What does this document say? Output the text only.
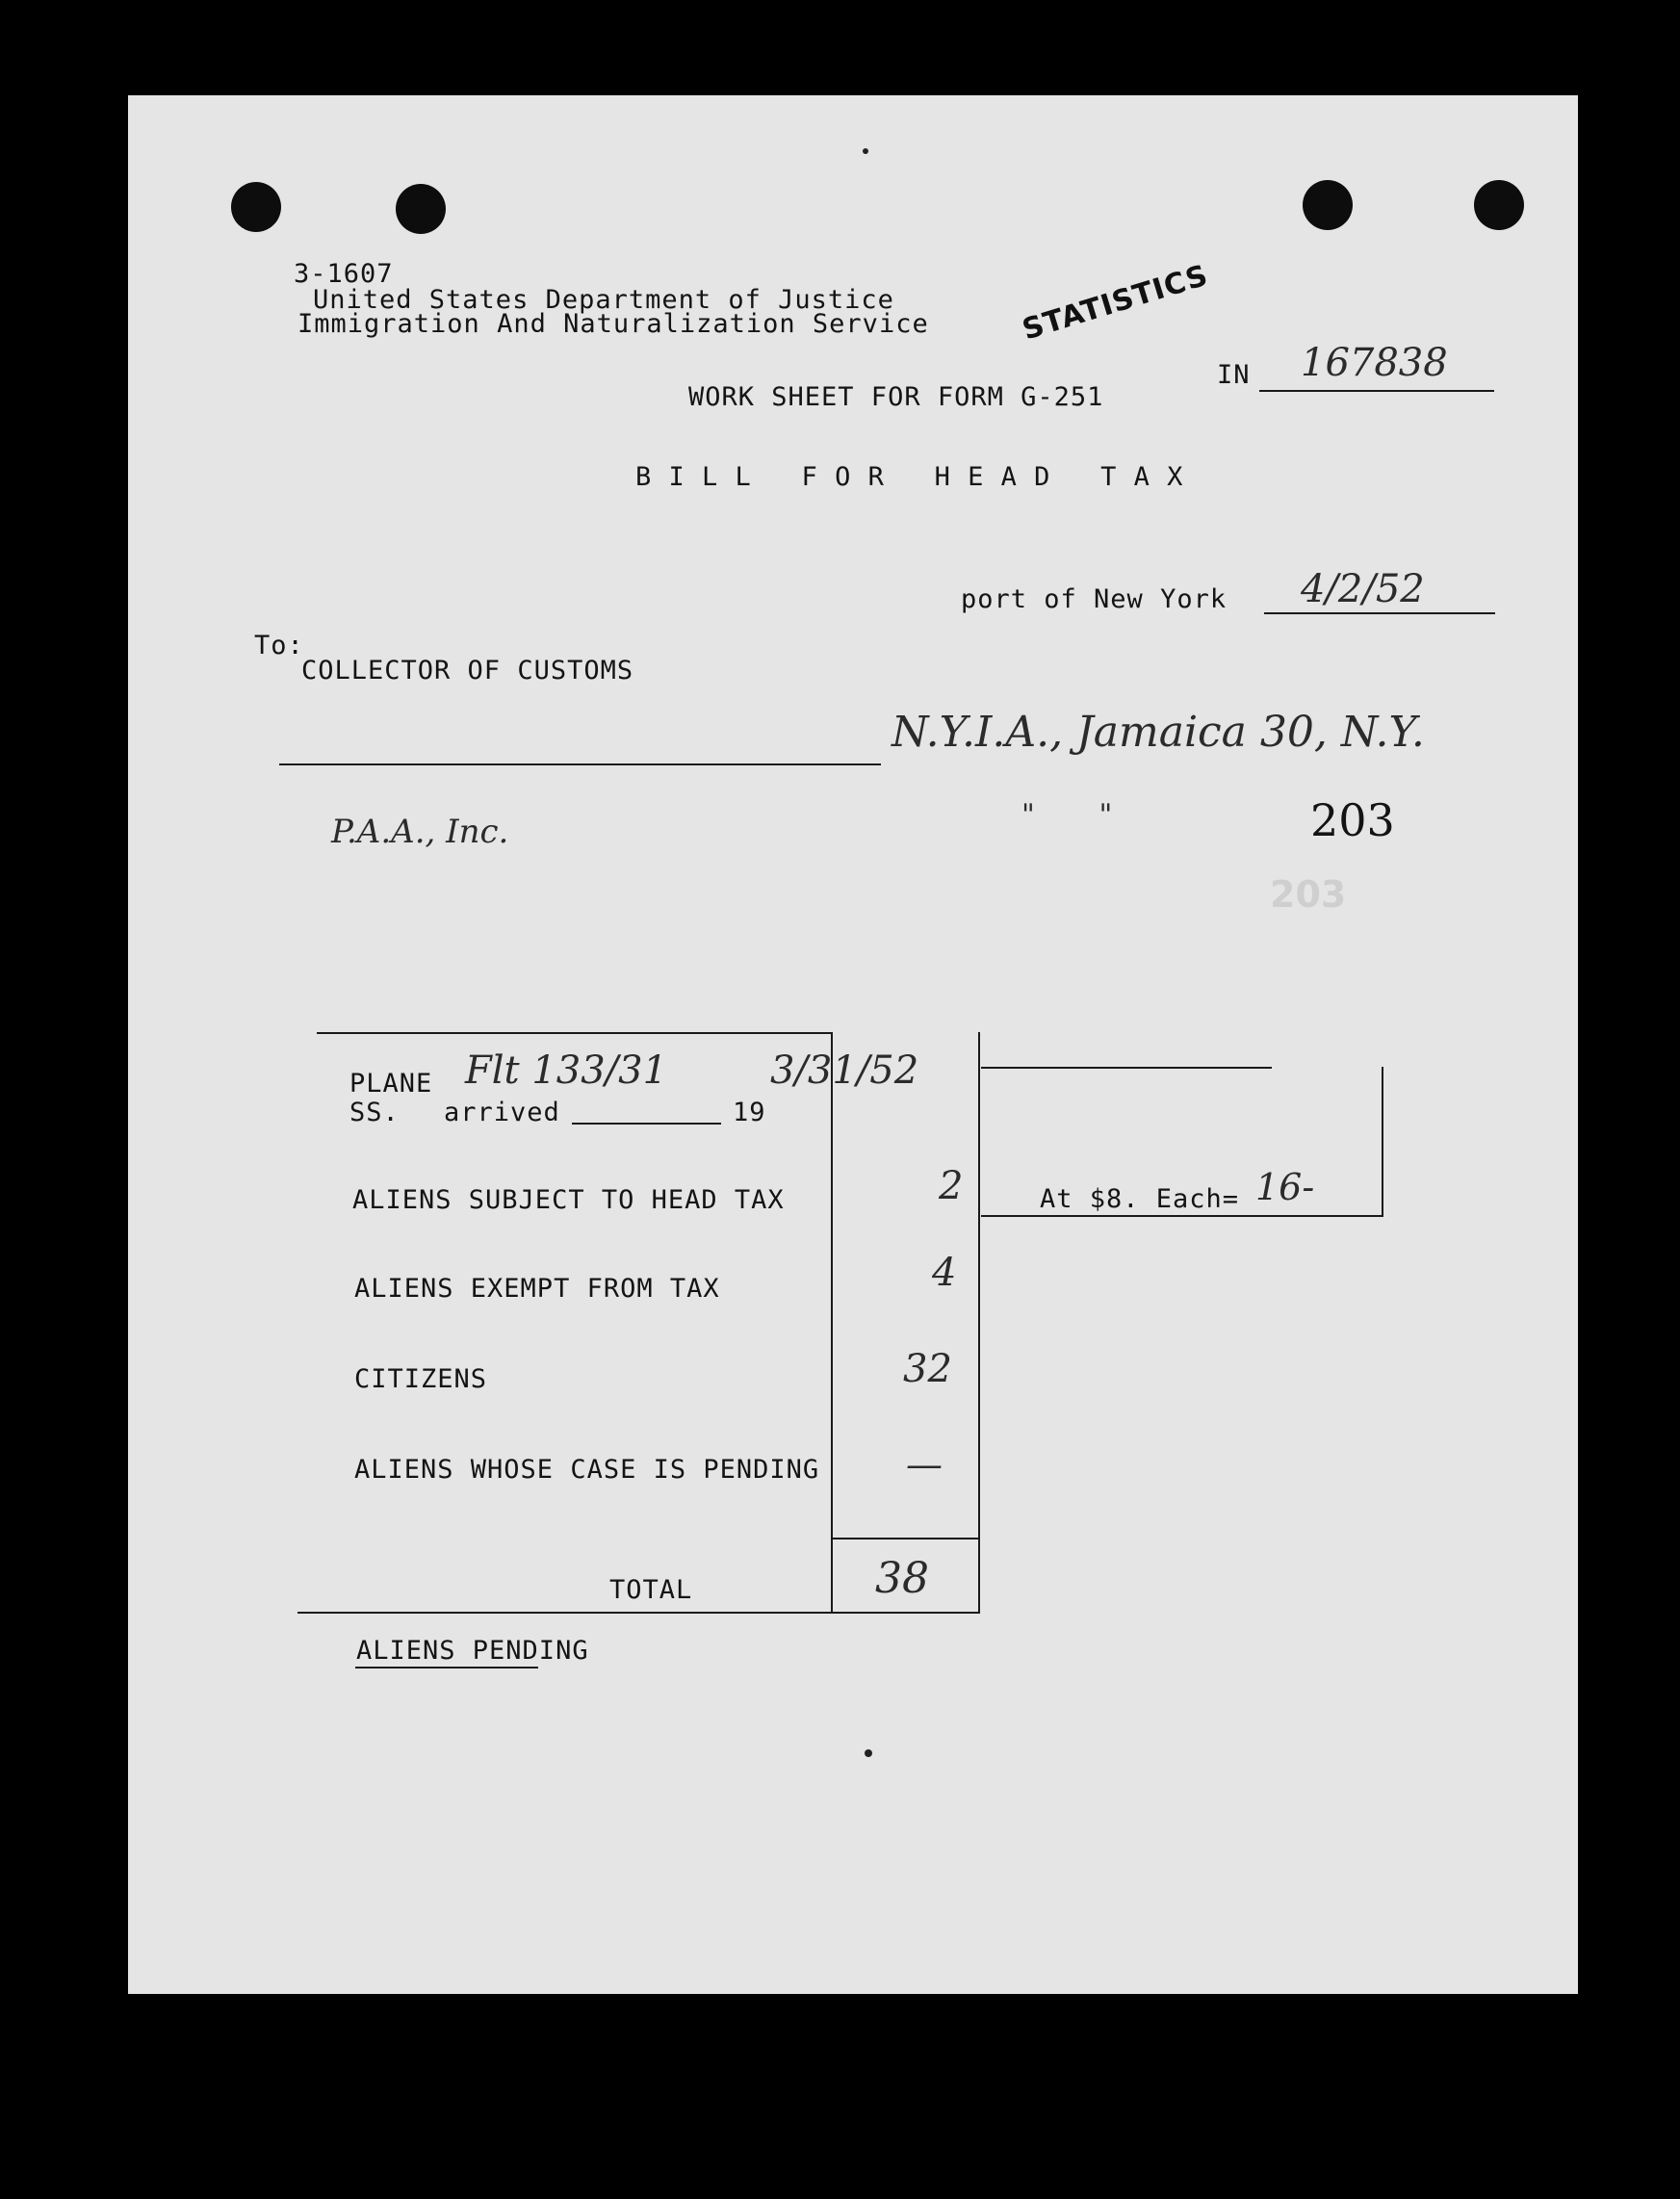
3-1607
United States Department of Justice
Immigration And Naturalization Service	STATISTICS
IN 167838
WORK SHEET FOR FORM G-251
B I L L   F O R   H E A D   T A X
port of New York 4/2/52
To:
COLLECTOR OF CUSTOMS
N.Y.I.A., Jamaica 30, N.Y.
P.A.A., Inc.	"       "	203
203
PLANE Flt 133/31	3/31/52
SS. arrived	19
ALIENS SUBJECT TO HEAD TAX	2
ALIENS EXEMPT FROM TAX	4
CITIZENS	32
ALIENS WHOSE CASE IS PENDING —
TOTAL	38
At $8. Each= 16-
ALIENS PENDING
